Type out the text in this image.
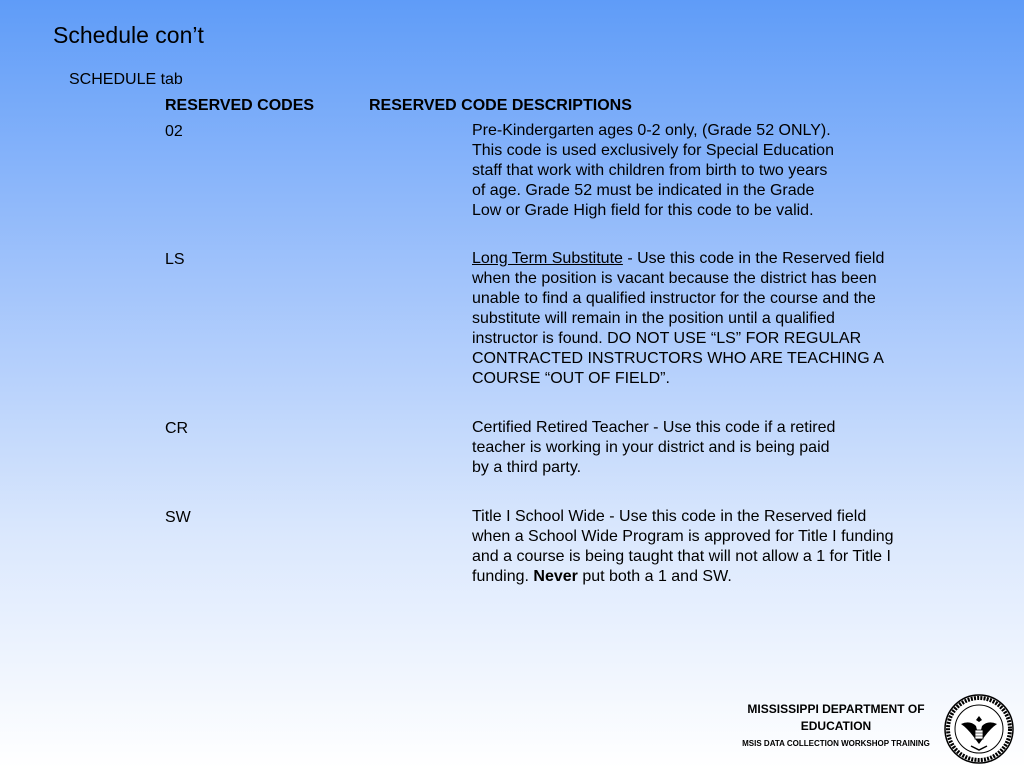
Schedule con’t
SCHEDULE tab
RESERVED CODES	RESERVED CODE DESCRIPTIONS
02	Pre-Kindergarten ages 0-2 only, (Grade 52 ONLY).
This code is used exclusively for Special Education
staff that work with children from birth to two years
of age. Grade 52 must be indicated in the Grade
Low or Grade High field for this code to be valid.
LS	Long Term Substitute - Use this code in the Reserved field
when the position is vacant because the district has been
unable to find a qualified instructor for the course and the
substitute will remain in the position until a qualified
instructor is found. DO NOT USE “LS” FOR REGULAR
CONTRACTED INSTRUCTORS WHO ARE TEACHING A
COURSE “OUT OF FIELD”.
CR	Certified Retired Teacher - Use this code if a retired
teacher is working in your district and is being paid
by a third party.
SW	Title I School Wide - Use this code in the Reserved field
when a School Wide Program is approved for Title I funding
and a course is being taught that will not allow a 1 for Title I
funding. Never put both a 1 and SW.
MISSISSIPPI DEPARTMENT OF
EDUCATION
MSIS DATA COLLECTION WORKSHOP TRAINING
